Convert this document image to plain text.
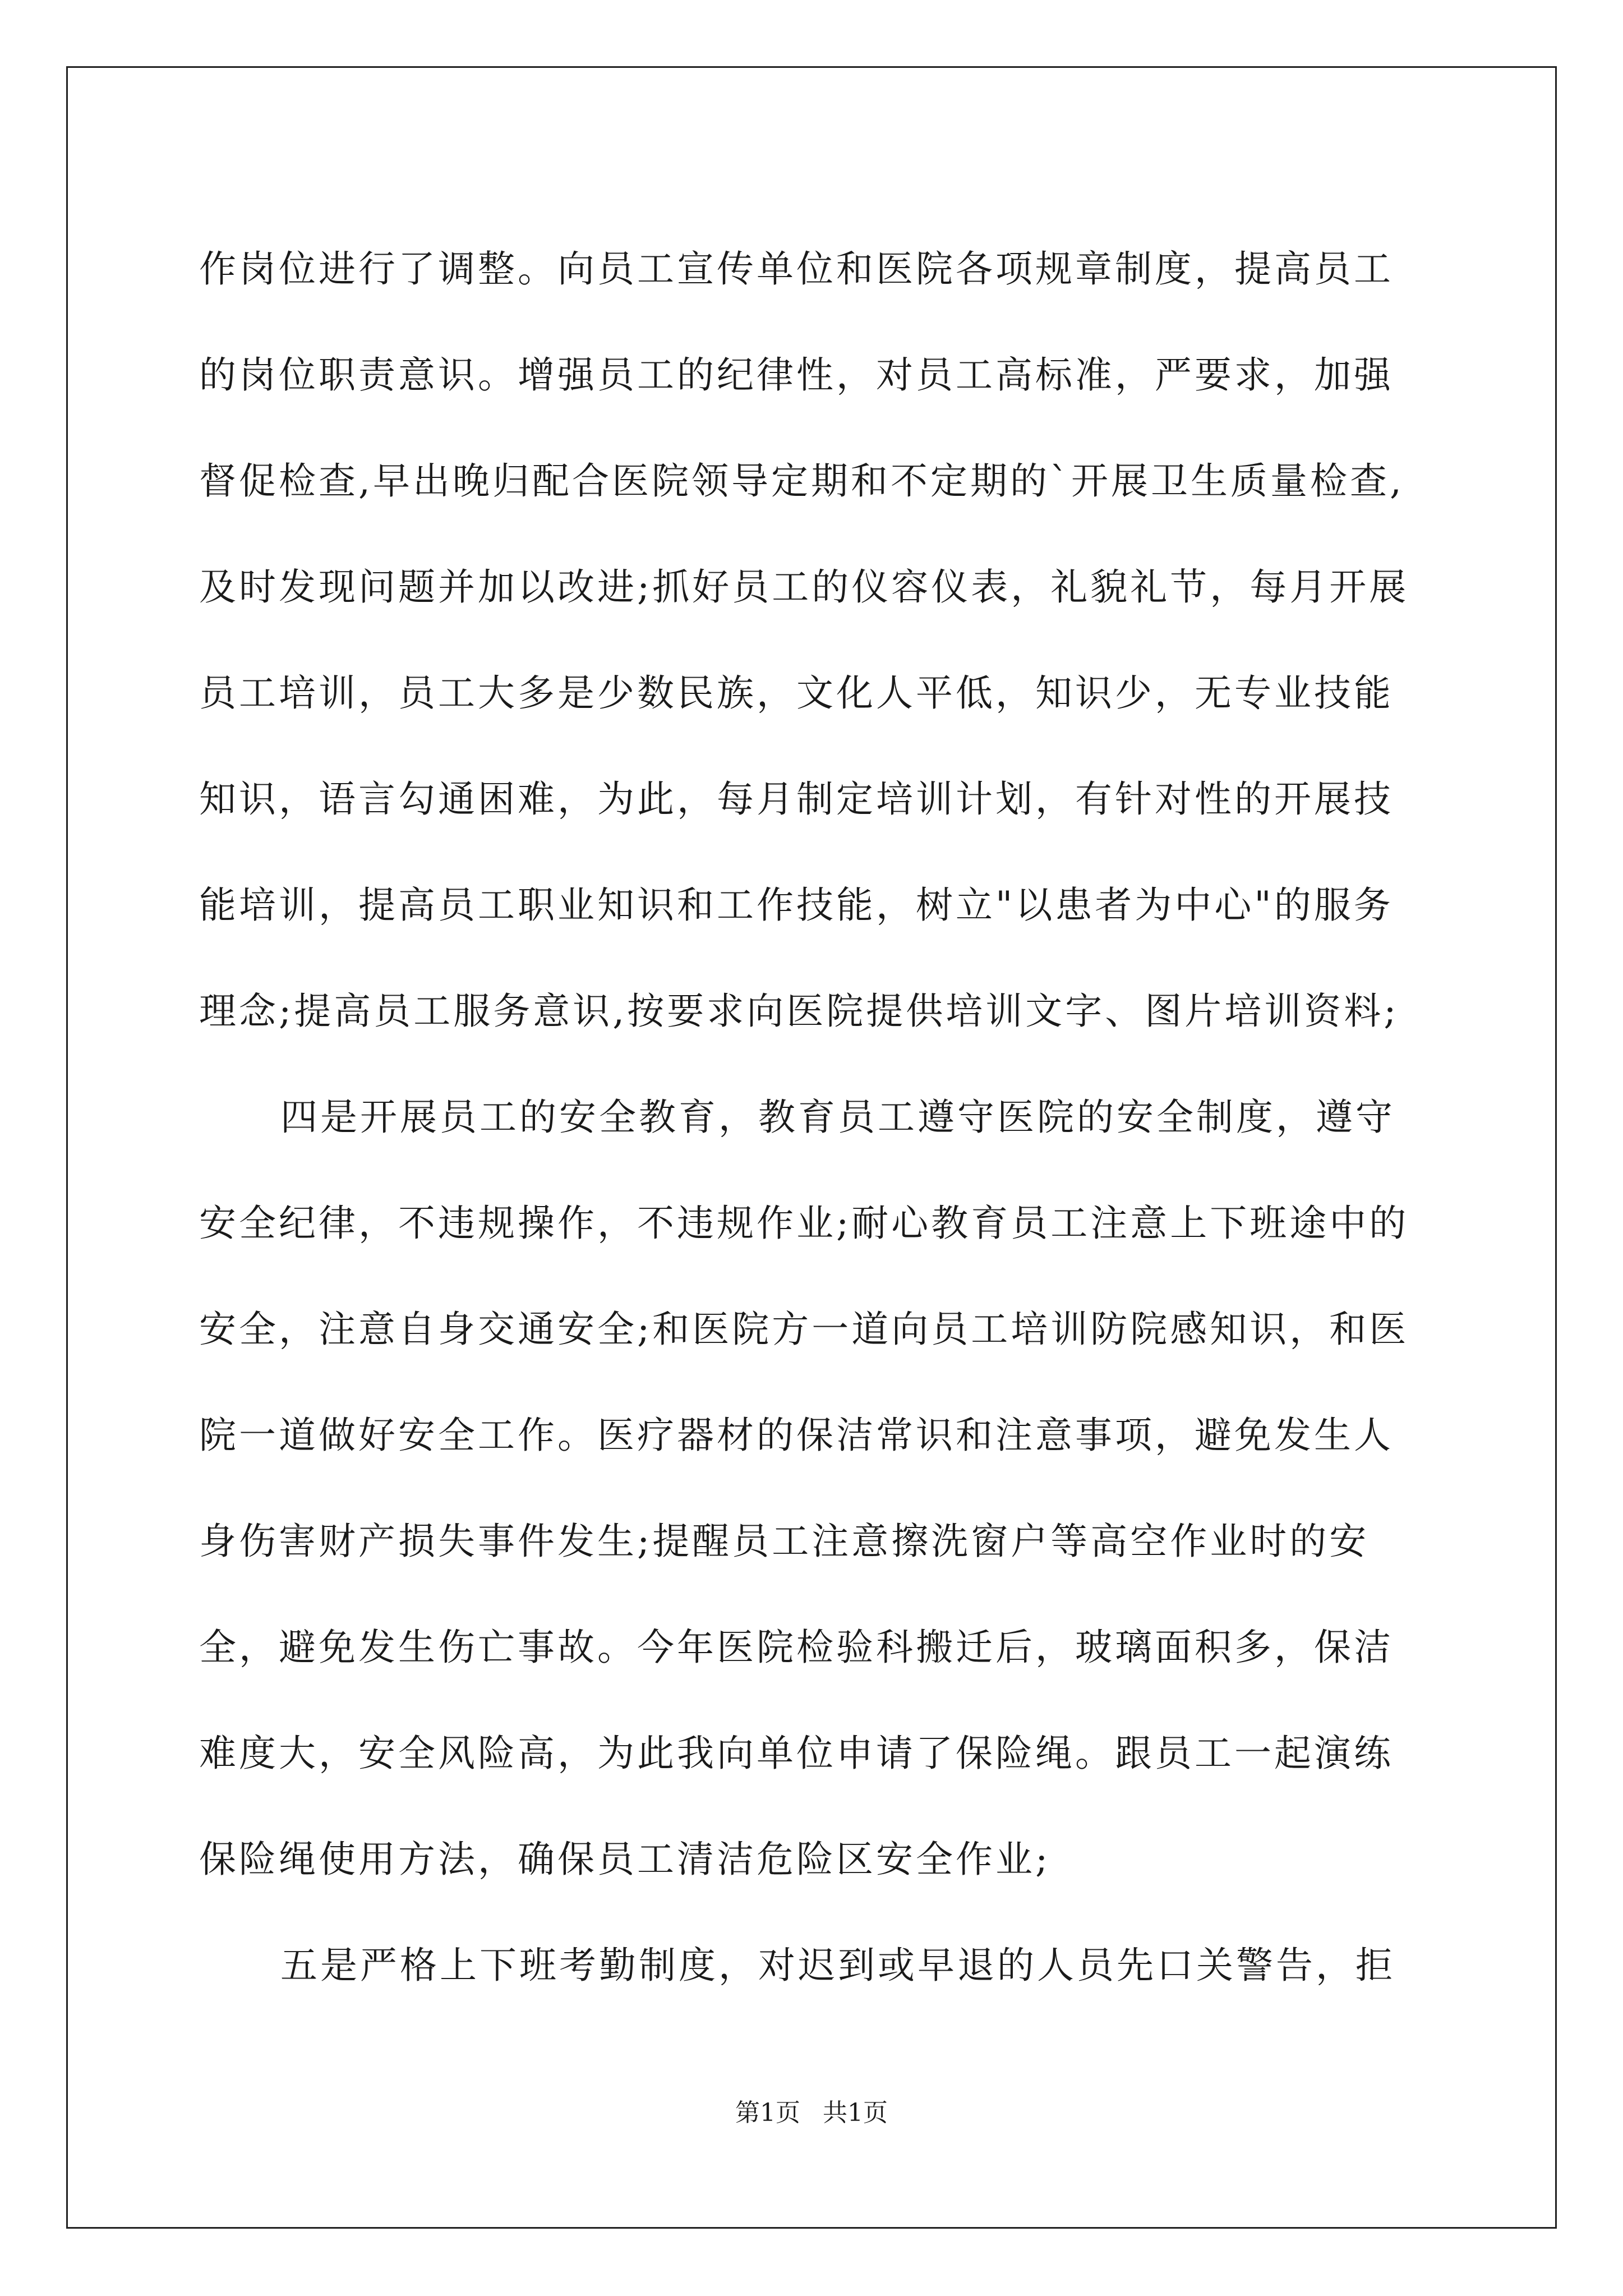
作岗位进行了调整。向员工宣传单位和医院各项规章制度，提高员工
的岗位职责意识。增强员工的纪律性，对员工高标准，严要求，加强
督促检查,早出晚归配合医院领导定期和不定期的`开展卫生质量检查,
及时发现问题并加以改进;抓好员工的仪容仪表，礼貌礼节，每月开展
员工培训，员工大多是少数民族，文化人平低，知识少，无专业技能
知识，语言勾通困难，为此，每月制定培训计划，有针对性的开展技
能培训，提高员工职业知识和工作技能，树立"以患者为中心"的服务
理念;提高员工服务意识,按要求向医院提供培训文字、图片培训资料;
四是开展员工的安全教育，教育员工遵守医院的安全制度，遵守
安全纪律，不违规操作，不违规作业;耐心教育员工注意上下班途中的
安全，注意自身交通安全;和医院方一道向员工培训防院感知识，和医
院一道做好安全工作。医疗器材的保洁常识和注意事项，避免发生人
身伤害财产损失事件发生;提醒员工注意擦洗窗户等高空作业时的安
全，避免发生伤亡事故。今年医院检验科搬迁后，玻璃面积多，保洁
难度大，安全风险高，为此我向单位申请了保险绳。跟员工一起演练
保险绳使用方法，确保员工清洁危险区安全作业;
五是严格上下班考勤制度，对迟到或早退的人员先口关警告，拒
第1页 共1页
